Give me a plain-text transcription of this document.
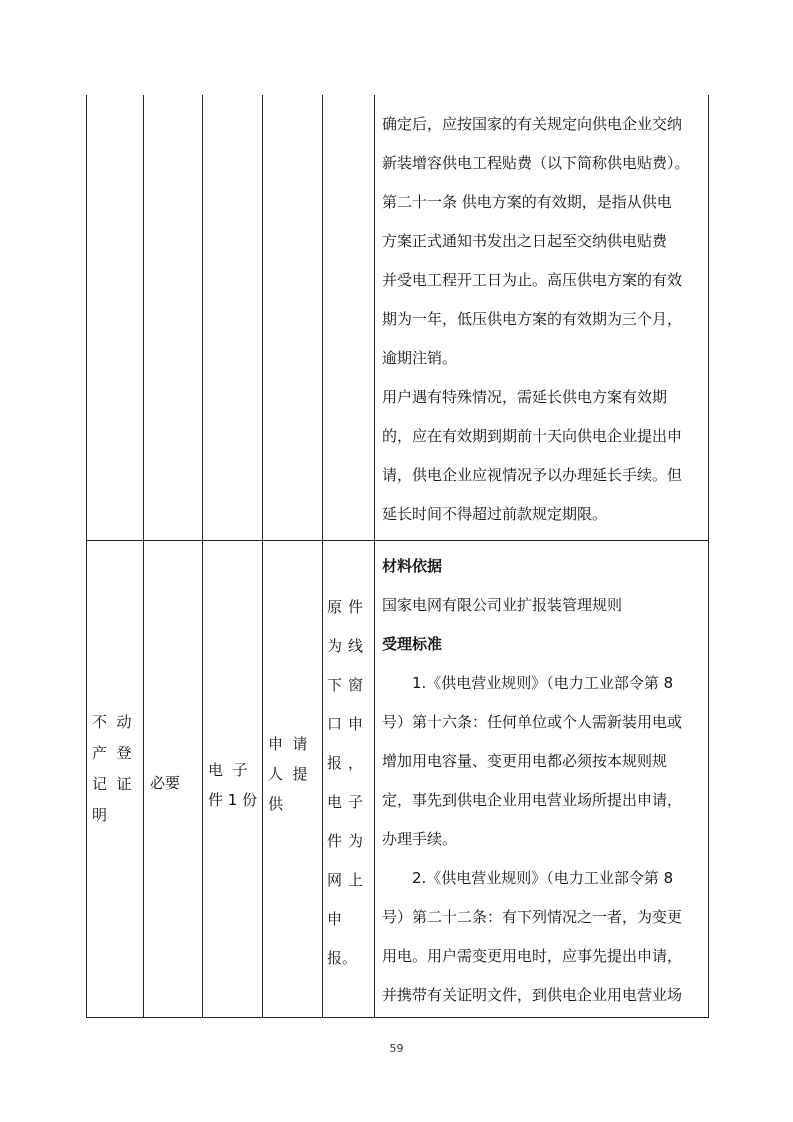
确定后，应按国家的有关规定向供电企业交纳
新装增容供电工程贴费（以下简称供电贴费）。
第二十一条 供电方案的有效期，是指从供电
方案正式通知书发出之日起至交纳供电贴费
并受电工程开工日为止。高压供电方案的有效
期为一年，低压供电方案的有效期为三个月，
逾期注销。
用户遇有特殊情况，需延长供电方案有效期
的，应在有效期到期前十天向供电企业提出申
请，供电企业应视情况予以办理延长手续。但
延长时间不得超过前款规定期限。
不  动
产  登
记  证
明
必要
电  子
件 1 份
申  请
人  提
供
原件
为线
下窗
口申
报，
电子
件为
网上
申
报。
材料依据
国家电网有限公司业扩报装管理规则
受理标准
1.《供电营业规则》（电力工业部令第 8
号）第十六条：任何单位或个人需新装用电或
增加用电容量、变更用电都必须按本规则规
定，事先到供电企业用电营业场所提出申请，
办理手续。
2.《供电营业规则》（电力工业部令第 8
号）第二十二条：有下列情况之一者，为变更
用电。用户需变更用电时，应事先提出申请，
并携带有关证明文件，到供电企业用电营业场
59
